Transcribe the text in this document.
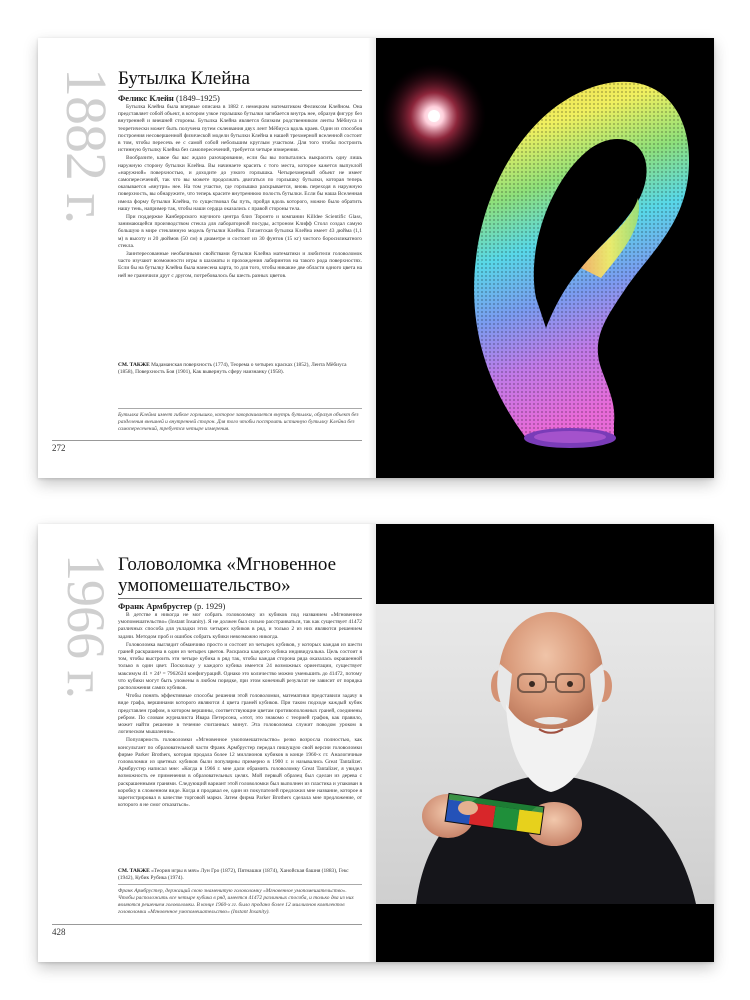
1882 г. Бутылка Клейна
Феликс Клейн (1849–1925)

Бутылка Клейна была впервые описана в 1882 г. немецким математиком Феликсом Клейном. Она представляет собой объект, в котором узкое горлышко бутылки загибается внутрь нее, образуя фигуру без внутренней и внешней стороны. Бутылка Клейна является близким родственником ленты Мёбиуса и теоретически может быть получена путем склеивания двух лент Мёбиуса вдоль краев. Один из способов построения несовершенной физической модели бутылки Клейна в нашей трехмерной вселенной состоит в том, чтобы пересечь ее с самой собой небольшим круглым участком. Для того чтобы построить истинную бутылку Клейна без самопересечений, требуется четыре измерения.

Вообразите, какое бы вас ждало разочарование, если бы вы попытались выкрасить одну лишь наружную сторону бутылки Клейна. Вы начинаете красить с того места, которое кажется выпуклой «наружной» поверхностью, и доходите до узкого горлышка. Четырехмерный объект не имеет самопересечений, так что вы можете продолжать двигаться по горлышку бутылки, которая теперь оказывается «внутри» нее. На том участке, где горлышко раскрывается, вновь переходя в наружную поверхность, вы обнаружите, что теперь красите внутреннюю полость бутылки. Если бы наша Вселенная имела форму бутылки Клейна, то существовал бы путь, пройдя вдоль которого, можно было обратить нашу тень, например так, чтобы наши сердца оказались с правой стороны тела.

При поддержке Канберрского научного центра близ Торонто и компании Killdee Scientific Glass, занимающейся производством стекла для лабораторной посуды, астроном Клифф Столл создал самую большую в мире стеклянную модель бутылки Клейна. Гигантская бутылка Клейна имеет 43 дюйма (1,1 м) в высоту и 20 дюймов (50 см) в диаметре и состоит из 30 фунтов (15 кг) чистого боросиликатного стекла.

Заинтересованные необычными свойствами бутылки Клейна математики и любители головоломок часто изучают возможности игры в шахматы и прохождения лабиринтов на такого рода поверхностях. Если бы на бутылку Клейна была нанесена карта, то для того, чтобы никакие две области одного цвета на ней не граничили друг с другом, потребовалось бы шесть разных цветов.

СМ. ТАКЖЕ Мадаманская поверхность (1774), Теорема о четырех красках (1852), Лента Мёбиуса (1858), Поверхность Боя (1901), Как вывернуть сферу наизнанку (1958).
Бутылка Клейна имеет гибкое горлышко, которое заворачивается внутрь бутылки, образуя объект без разделения внешней и внутренней сторон. Для того чтобы построить истинную бутылку Клейна без самопересечений, требуется четыре измерения.
272
1966 г. Головоломка «Мгновенное умопомешательство»
Франк Армбрустер (р. 1929)

В детстве я никогда не мог собрать головоломку из кубиков под названием «Мгновенное умопомешательство» (Instant Insanity). Я не должен был сильно расстраиваться, так как существует 41472 различных способа для укладки этих четырех кубиков в ряд, и только 2 из них являются решением задачи. Методом проб и ошибок собрать кубики невозможно никогда.

Головоломка выглядит обманчиво просто и состоит из четырех кубиков, у которых каждая из шести граней раскрашена в один из четырех цветов. Раскраска каждого кубика индивидуальна. Цель состоит в том, чтобы выстроить эти четыре кубика в ряд так, чтобы каждая сторона ряда оказалась окрашенной только в один цвет. Поскольку у каждого кубика имеется 24 возможных ориентации, существует максимум 41 × 24³ = 7962624 конфигураций. Однако это количество можно уменьшить до 41472, потому что кубики могут быть уложены в любом порядке, при этом конечный результат не зависит от порядка расположения самих кубиков.

Чтобы понять эффективные способы решения этой головоломки, математики представили задачу в виде графа, вершинами которого являются 4 цвета граней кубиков. При таком подходе каждый кубик представлен графом, в котором вершины, соответствующие цветам противоположных граней, соединены ребром. По словам журналиста Ивара Петерсона, «этот, это знакомо с теорией графов, как правило, может найти решение в течение считанных минут. Эта головоломка служит поводом уроком в логическом мышлении».

Популярность головоломки «Мгновенное умопомешательство» резко возросла полностью, как консультант по образовательной части Франк Армбрустер передал пишущую свой версии головоломки фирме Parker Brothers, которая продала более 12 миллионов кубиков в конце 1960-х гг. Аналогичные головоломки из цветных кубиков были популярны примерно в 1900 г. и назывались Great Tantalizer. Армбрустер написал мне: «Когда в 1966 г. мне дали обрамить головоломку Great Tantalizer, я увидел возможность ее применения в образовательных целях. Мой первый образец был сделан из дерева с раскрашенными гранями. Следующий вариант этой головоломки был выполнен из пластика и упакован в коробку в сложенном виде. Когда я продавал ее, один из покупателей предложил мне название, которое я зарегистрировал в качестве торговой марки. Затем фирма Parker Brothers сделала мне предложение, от которого я не смог отказаться».

СМ. ТАКЖЕ «Теория игры в мяч» Лун Гро (1872), Пятнашки (1874), Ханойская башня (1883), Гекс (1942), Кубик Рубика (1974).
Франк Армбрустер, держащий свою знаменитую головоломку «Мгновенное умопомешательство». Чтобы расположить все четыре кубика в ряд, имеется 41472 различных способа, и только два из них являются решением головоломки. В конце 1960-х гг. было продано более 12 миллионов комплектов головоломки «Мгновенное умопомешательство» (Instant Insanity).
428
